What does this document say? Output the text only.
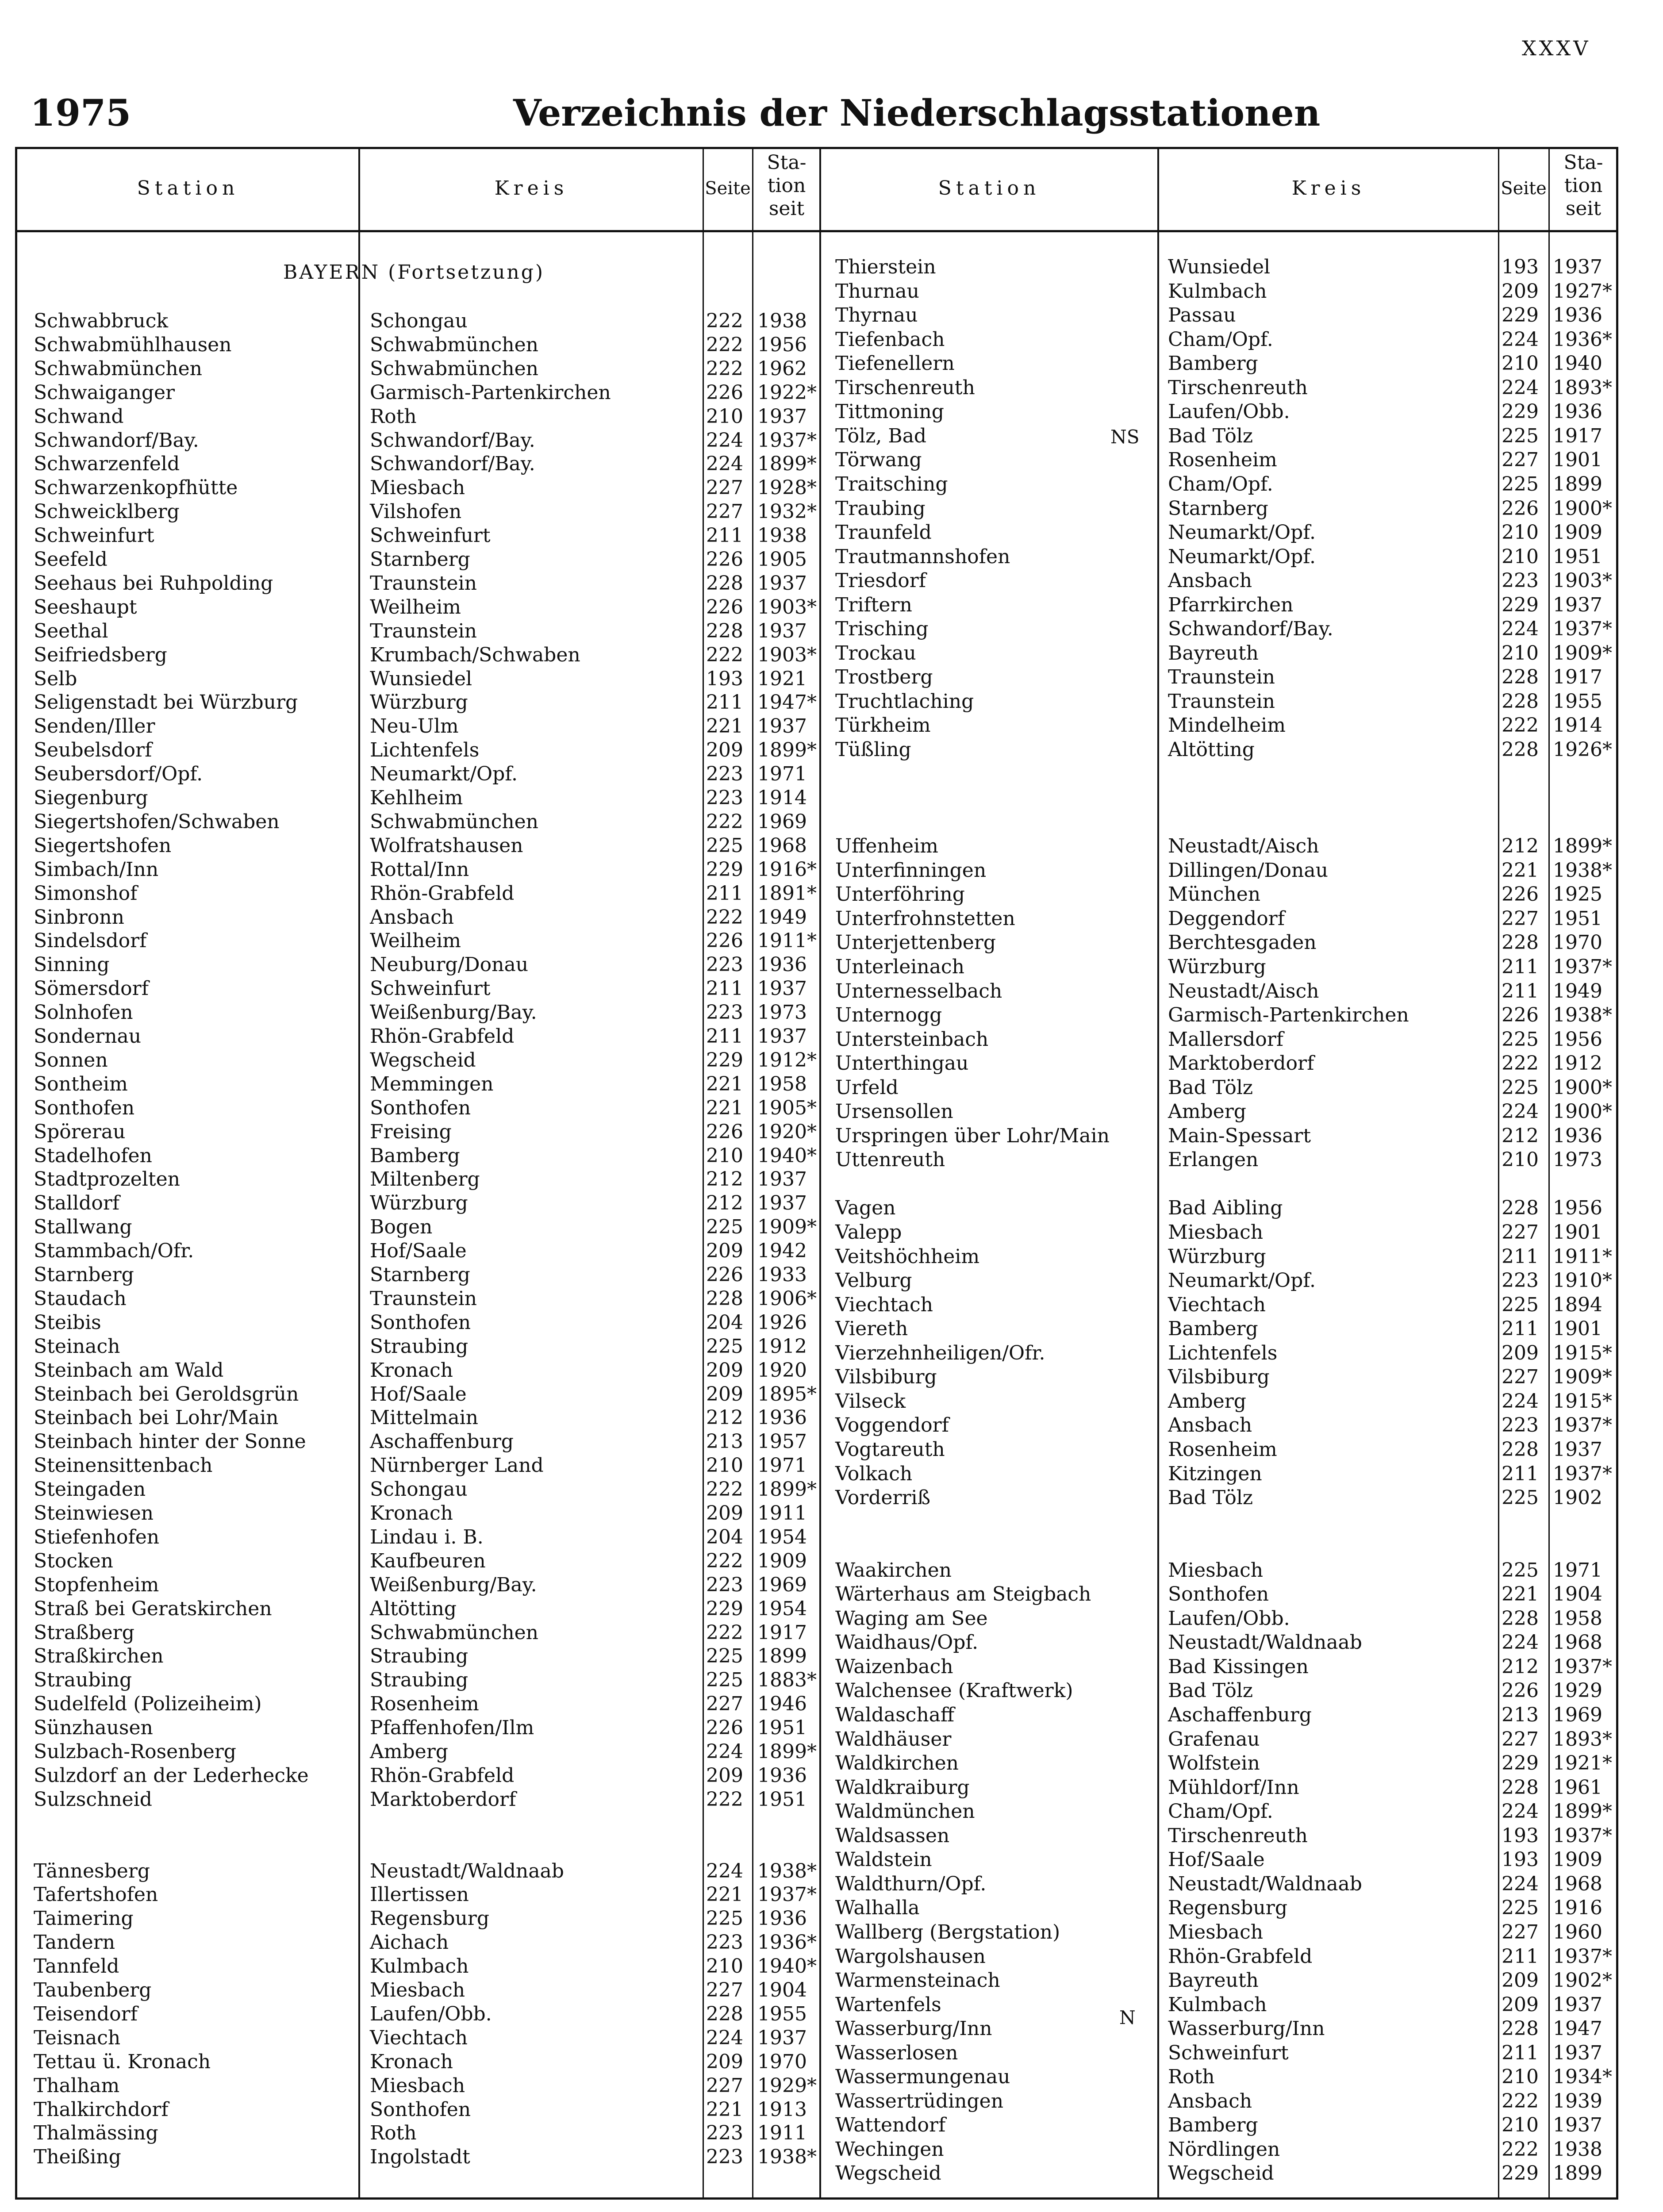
XXXV
1975	Verzeichnis der Niederschlagsstationen
Station	Kreis	Seite
Sta-
tion
seit
Station	Kreis	Seite
Sta-
tion
seit
BAYERN (Fortsetzung)
Schwabbruck	Schongau	222 1938
Schwabmühlhausen	Schwabmünchen	222 1956
Schwabmünchen	Schwabmünchen	222 1962
Schwaiganger	Garmisch-Partenkirchen	226 1922*
Schwand	Roth	210 1937
Schwandorf/Bay.	Schwandorf/Bay.	224 1937*
Schwarzenfeld	Schwandorf/Bay.	224 1899*
Schwarzenkopfhütte	Miesbach	227 1928*
Schweicklberg	Vilshofen	227 1932*
Schweinfurt	Schweinfurt	211 1938
Seefeld	Starnberg	226 1905
Seehaus bei Ruhpolding	Traunstein	228 1937
Seeshaupt	Weilheim	226 1903*
Seethal	Traunstein	228 1937
Seifriedsberg	Krumbach/Schwaben	222 1903*
Selb	Wunsiedel	193 1921
Seligenstadt bei Würzburg	Würzburg	211 1947*
Senden/Iller	Neu-Ulm	221 1937
Seubelsdorf	Lichtenfels	209 1899*
Seubersdorf/Opf.	Neumarkt/Opf.	223 1971
Siegenburg	Kehlheim	223 1914
Siegertshofen/Schwaben	Schwabmünchen	222 1969
Siegertshofen	Wolfratshausen	225 1968
Simbach/Inn	Rottal/Inn	229 1916*
Simonshof	Rhön-Grabfeld	211 1891*
Sinbronn	Ansbach	222 1949
Sindelsdorf	Weilheim	226 1911*
Sinning	Neuburg/Donau	223 1936
Sömersdorf	Schweinfurt	211 1937
Solnhofen	Weißenburg/Bay.	223 1973
Sondernau	Rhön-Grabfeld	211 1937
Sonnen	Wegscheid	229 1912*
Sontheim	Memmingen	221 1958
Sonthofen	Sonthofen	221 1905*
Spörerau	Freising	226 1920*
Stadelhofen	Bamberg	210 1940*
Stadtprozelten	Miltenberg	212 1937
Stalldorf	Würzburg	212 1937
Stallwang	Bogen	225 1909*
Stammbach/Ofr.	Hof/Saale	209 1942
Starnberg	Starnberg	226 1933
Staudach	Traunstein	228 1906*
Steibis	Sonthofen	204 1926
Steinach	Straubing	225 1912
Steinbach am Wald	Kronach	209 1920
Steinbach bei Geroldsgrün	Hof/Saale	209 1895*
Steinbach bei Lohr/Main	Mittelmain	212 1936
Steinbach hinter der Sonne	Aschaffenburg	213 1957
Steinensittenbach	Nürnberger Land	210 1971
Steingaden	Schongau	222 1899*
Steinwiesen	Kronach	209 1911
Stiefenhofen	Lindau i. B.	204 1954
Stocken	Kaufbeuren	222 1909
Stopfenheim	Weißenburg/Bay.	223 1969
Straß bei Geratskirchen	Altötting	229 1954
Straßberg	Schwabmünchen	222 1917
Straßkirchen	Straubing	225 1899
Straubing	Straubing	225 1883*
Sudelfeld (Polizeiheim)	Rosenheim	227 1946
Sünzhausen	Pfaffenhofen/Ilm	226 1951
Sulzbach-Rosenberg	Amberg	224 1899*
Sulzdorf an der Lederhecke	Rhön-Grabfeld	209 1936
Sulzschneid	Marktoberdorf	222 1951
Tännesberg	Neustadt/Waldnaab	224 1938*
Tafertshofen	Illertissen	221 1937*
Taimering	Regensburg	225 1936
Tandern	Aichach	223 1936*
Tannfeld	Kulmbach	210 1940*
Taubenberg	Miesbach	227 1904
Teisendorf	Laufen/Obb.	228 1955
Teisnach	Viechtach	224 1937
Tettau ü. Kronach	Kronach	209 1970
Thalham	Miesbach	227 1929*
Thalkirchdorf	Sonthofen	221 1913
Thalmässing	Roth	223 1911
Theißing	Ingolstadt	223 1938*
Thierstein	Wunsiedel	193 1937
Thurnau	Kulmbach	209 1927*
Thyrnau	Passau	229 1936
Tiefenbach	Cham/Opf.	224 1936*
Tiefenellern	Bamberg	210 1940
Tirschenreuth	Tirschenreuth	224 1893*
Tittmoning	Laufen/Obb.	229 1936
Tölz, Bad	Bad Tölz	225 1917
Törwang	Rosenheim	227 1901
Traitsching	Cham/Opf.	225 1899
Traubing	Starnberg	226 1900*
Traunfeld	Neumarkt/Opf.	210 1909
Trautmannshofen	Neumarkt/Opf.	210 1951
Triesdorf	Ansbach	223 1903*
Triftern	Pfarrkirchen	229 1937
Trisching	Schwandorf/Bay.	224 1937*
Trockau	Bayreuth	210 1909*
Trostberg	Traunstein	228 1917
Truchtlaching	Traunstein	228 1955
Türkheim	Mindelheim	222 1914
Tüßling	Altötting	228 1926*
Uffenheim	Neustadt/Aisch	212 1899*
Unterfinningen	Dillingen/Donau	221 1938*
Unterföhring	München	226 1925
Unterfrohnstetten	Deggendorf	227 1951
Unterjettenberg	Berchtesgaden	228 1970
Unterleinach	Würzburg	211 1937*
Unternesselbach	Neustadt/Aisch	211 1949
Unternogg	Garmisch-Partenkirchen	226 1938*
Untersteinbach	Mallersdorf	225 1956
Unterthingau	Marktoberdorf	222 1912
Urfeld	Bad Tölz	225 1900*
Ursensollen	Amberg	224 1900*
Urspringen über Lohr/Main	Main-Spessart	212 1936
Uttenreuth	Erlangen	210 1973
Vagen	Bad Aibling	228 1956
Valepp	Miesbach	227 1901
Veitshöchheim	Würzburg	211 1911*
Velburg	Neumarkt/Opf.	223 1910*
Viechtach	Viechtach	225 1894
Viereth	Bamberg	211 1901
Vierzehnheiligen/Ofr.	Lichtenfels	209 1915*
Vilsbiburg	Vilsbiburg	227 1909*
Vilseck	Amberg	224 1915*
Voggendorf	Ansbach	223 1937*
Vogtareuth	Rosenheim	228 1937
Volkach	Kitzingen	211 1937*
Vorderriß	Bad Tölz	225 1902
Waakirchen	Miesbach	225 1971
Wärterhaus am Steigbach	Sonthofen	221 1904
Waging am See	Laufen/Obb.	228 1958
Waidhaus/Opf.	Neustadt/Waldnaab	224 1968
Waizenbach	Bad Kissingen	212 1937*
Walchensee (Kraftwerk)	Bad Tölz	226 1929
Waldaschaff	Aschaffenburg	213 1969
Waldhäuser	Grafenau	227 1893*
Waldkirchen	Wolfstein	229 1921*
Waldkraiburg	Mühldorf/Inn	228 1961
Waldmünchen	Cham/Opf.	224 1899*
Waldsassen	Tirschenreuth	193 1937*
Waldstein	Hof/Saale	193 1909
Waldthurn/Opf.	Neustadt/Waldnaab	224 1968
Walhalla	Regensburg	225 1916
Wallberg (Bergstation)	Miesbach	227 1960
Wargolshausen	Rhön-Grabfeld	211 1937*
Warmensteinach	Bayreuth	209 1902*
Wartenfels	Kulmbach	209 1937
Wasserburg/Inn	Wasserburg/Inn	228 1947
Wasserlosen	Schweinfurt	211 1937
Wassermungenau	Roth	210 1934*
Wassertrüdingen	Ansbach	222 1939
Wattendorf	Bamberg	210 1937
Wechingen	Nördlingen	222 1938
Wegscheid	Wegscheid	229 1899
NS
N
